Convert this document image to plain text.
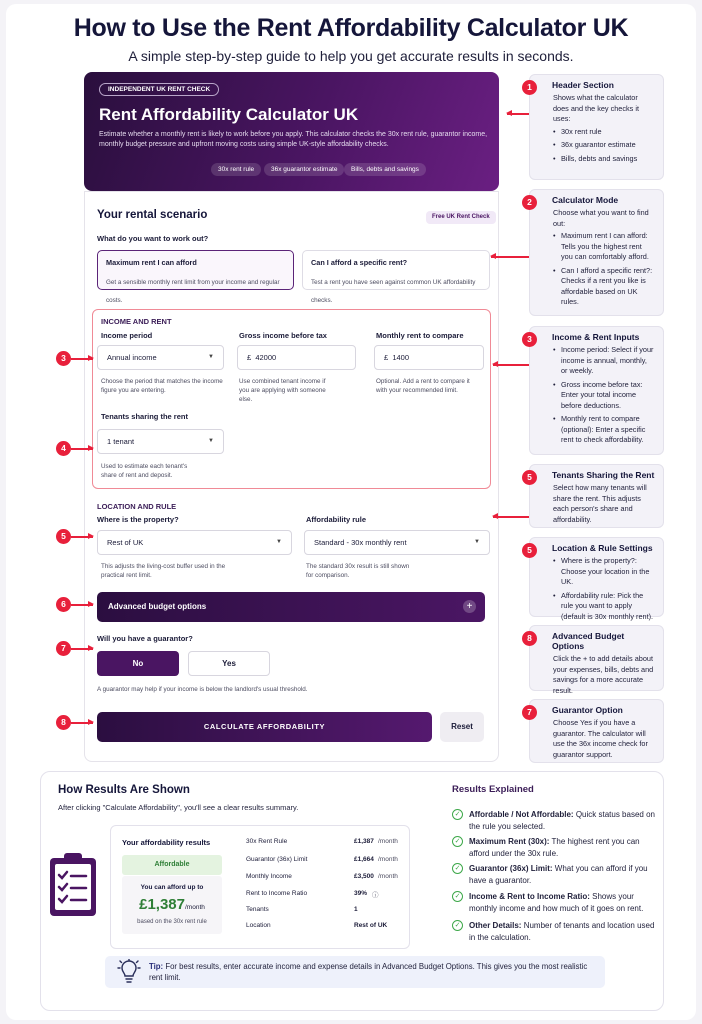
How to Use the Rent Affordability Calculator UK
A simple step-by-step guide to help you get accurate results in seconds.
INDEPENDENT UK RENT CHECK
Rent Affordability Calculator UK
Estimate whether a monthly rent is likely to work before you apply. This calculator checks the 30x rent rule, guarantor income, monthly budget pressure and upfront moving costs using simple UK-style affordability checks.
30x rent rule	36x guarantor estimate	Bills, debts and savings
Your rental scenario	Free UK Rent Check
What do you want to work out?
Maximum rent I can afford
Get a sensible monthly rent limit from your income and regular costs.
Can I afford a specific rent?
Test a rent you have seen against common UK affordability checks.
INCOME AND RENT
Income period
Annual income	▼
Choose the period that matches the income figure you are entering.
Gross income before tax
£ 42000
Use combined tenant income if you are applying with someone else.
Monthly rent to compare
£ 1400
Optional. Add a rent to compare it with your recommended limit.
Tenants sharing the rent
1 tenant	▼
Used to estimate each tenant's share of rent and deposit.
LOCATION AND RULE
Where is the property?
Rest of UK	▼
This adjusts the living-cost buffer used in the practical rent limit.
Affordability rule
Standard - 30x monthly rent	▼
The standard 30x result is still shown for comparison.
Advanced budget options	+
Will you have a guarantor?
No	Yes
A guarantor may help if your income is below the landlord's usual threshold.
CALCULATE AFFORDABILITY	Reset
3
4
5
6
7
8
1	Header Section

Shows what the calculator does and the key checks it uses:

• 30x rent rule
• 36x guarantor estimate
• Bills, debts and savings
2	Calculator Mode

Choose what you want to find out:

• Maximum rent I can afford: Tells you the highest rent you can comfortably afford.
• Can I afford a specific rent?: Checks if a rent you like is affordable based on UK rules.
3	Income & Rent Inputs
• Income period: Select if your income is annual, monthly, or weekly.
• Gross income before tax: Enter your total income before deductions.
• Monthly rent to compare (optional): Enter a specific rent to check affordability.
5	Tenants Sharing the Rent

Select how many tenants will share the rent. This adjusts each person's share and affordability.

5	Location & Rule Settings
• Where is the property?: Choose your location in the UK.
• Affordability rule: Pick the rule you want to apply (default is 30x monthly rent).
8	Advanced Budget Options

Click the + to add details about your expenses, bills, debts and savings for a more accurate result.

7	Guarantor Option

Choose Yes if you have a guarantor. The calculator will use the 36x income check for guarantor support.

How Results Are Shown
After clicking "Calculate Affordability", you'll see a clear results summary.
Your affordability results
Affordable
You can afford up to
£1,387/month
based on the 30x rent rule
30x Rent Rule	£1,387 /month
Guarantor (36x) Limit	£1,664 /month
Monthly Income	£3,500 /month
Rent to Income Ratio	39% ⓘ
Tenants	1
Location	Rest of UK
Results Explained
✓	Affordable / Not Affordable: Quick status based on the rule you selected.
✓	Maximum Rent (30x): The highest rent you can afford under the 30x rule.
✓	Guarantor (36x) Limit: What you can afford if you have a guarantor.
✓	Income & Rent to Income Ratio: Shows your monthly income and how much of it goes on rent.
✓	Other Details: Number of tenants and location used in the calculation.
Tip: For best results, enter accurate income and expense details in Advanced Budget Options. This gives you the most realistic rent limit.
